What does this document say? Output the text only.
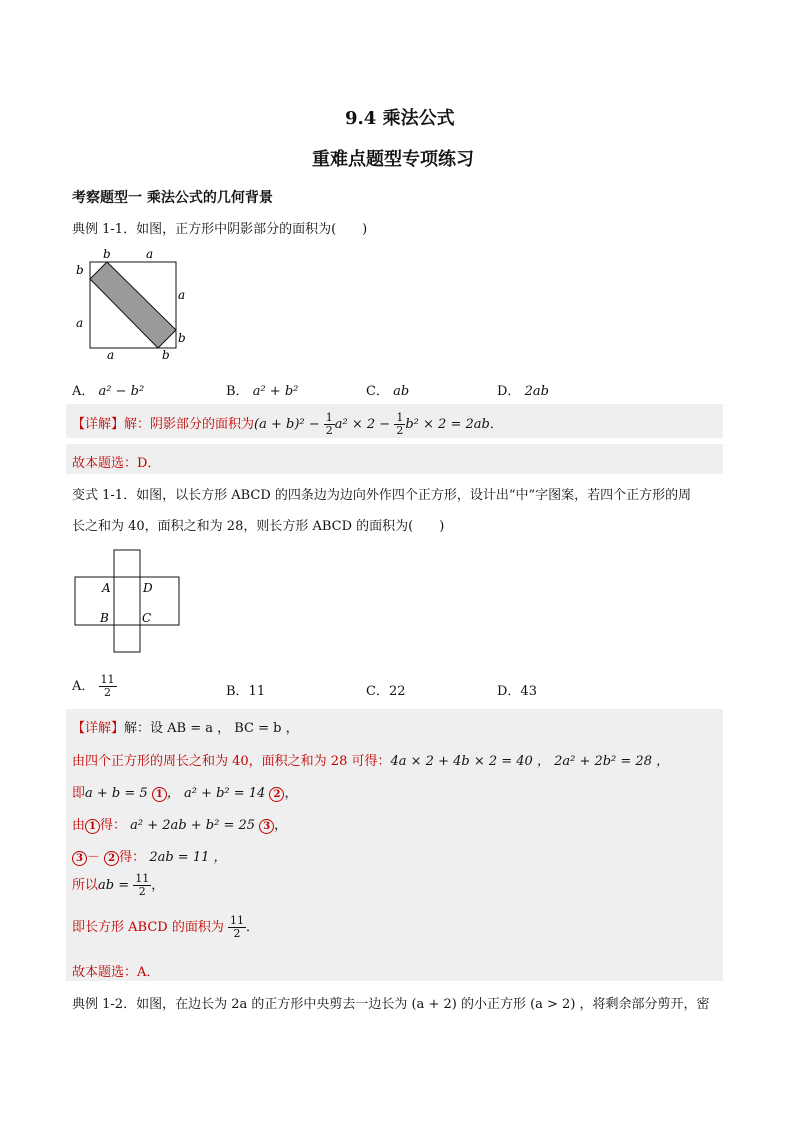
9.4 乘法公式
重难点题型专项练习
考察题型一 乘法公式的几何背景
典例 1-1．如图，正方形中阴影部分的面积为(　　)
b	a
b
a
a
b
a	b
A． a² − b²	B． a² + b²	C． ab	D． 2ab
【详解】解：阴影部分的面积为$(a + b)^2 - \frac{1}{2} a^2 \times 2 - \frac{1}{2} b^2 \times 2 = 2ab$．
故本题选：D．
变式 1-1．如图，以长方形 ABCD 的四条边为边向外作四个正方形，设计出“中”字图案，若四个正方形的周
长之和为 40，面积之和为 28，则长方形 ABCD 的面积为(　　)
A	D
B	C
A． $\frac{11}{2}$	B．11	C．22	D．43
【详解】解：设 AB = a ， BC = b ，
由四个正方形的周长之和为 40，面积之和为 28 可得：4a × 2 + 4b × 2 = 40 ， 2a² + 2b² = 28 ，
即a + b = 5 1 ， a² + b² = 14 2 ，
由 1 得： a² + 2ab + b² = 25 3 ，
3 － 2 得： 2ab = 11 ，
所以ab = $\frac{11}{2}$ ，
即长方形 ABCD 的面积为 $\frac{11}{2}$ ．
故本题选：A．
典例 1-2．如图，在边长为 2a 的正方形中央剪去一边长为 (a + 2) 的小正方形 (a > 2) ，将剩余部分剪开，密
